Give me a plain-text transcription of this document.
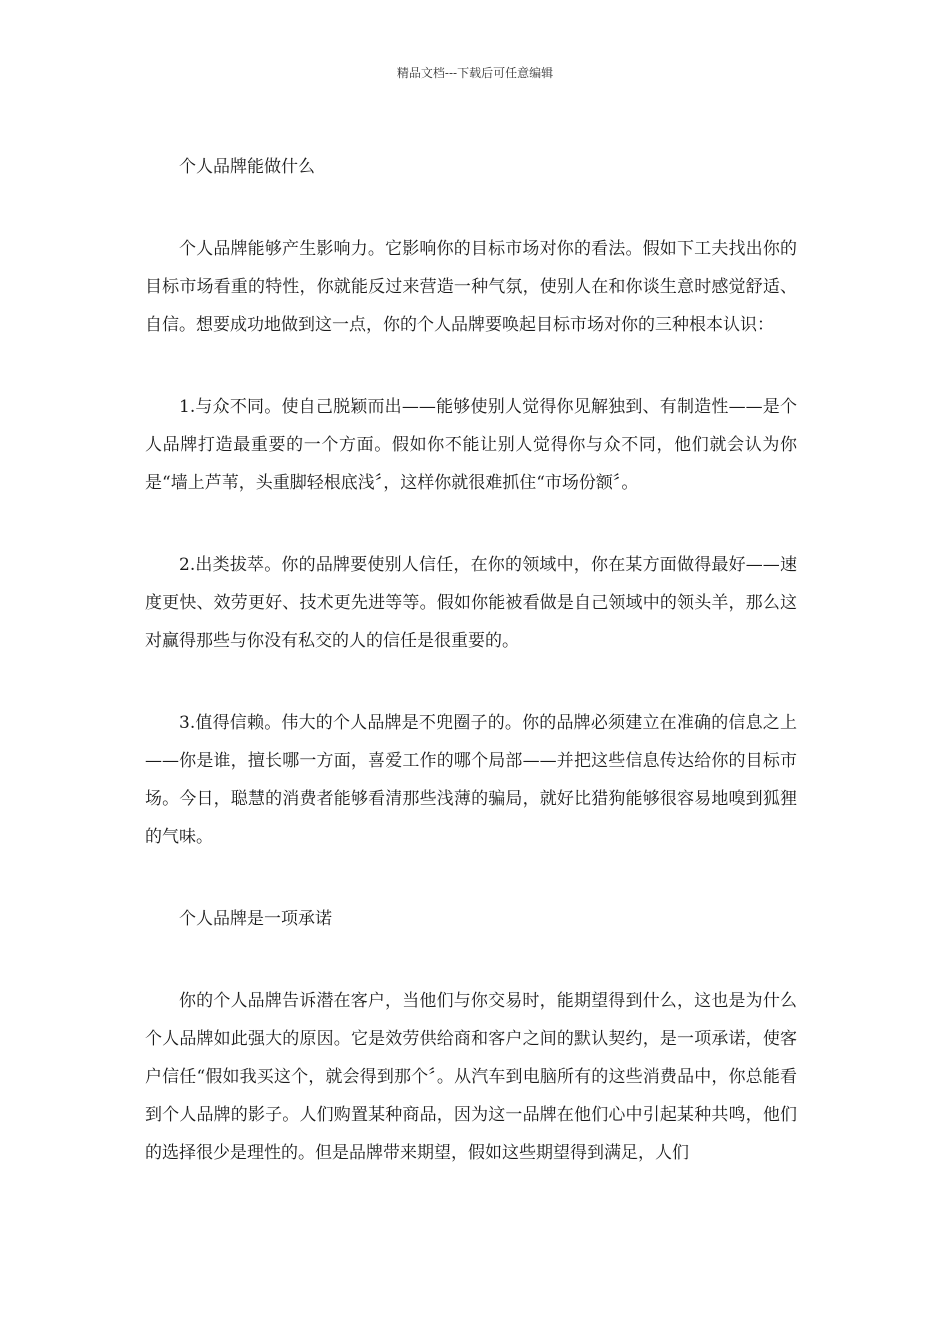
精品文档---下载后可任意编辑

个人品牌能做什么

个人品牌能够产生影响力。它影响你的目标市场对你的看法。假如下工夫找出你的目标市场看重的特性，你就能反过来营造一种气氛，使别人在和你谈生意时感觉舒适、自信。想要成功地做到这一点，你的个人品牌要唤起目标市场对你的三种根本认识：

1.与众不同。使自己脱颖而出——能够使别人觉得你见解独到、有制造性——是个人品牌打造最重要的一个方面。假如你不能让别人觉得你与众不同，他们就会认为你是“墙上芦苇，头重脚轻根底浅〞，这样你就很难抓住“市场份额〞。

2.出类拔萃。你的品牌要使别人信任，在你的领域中，你在某方面做得最好——速度更快、效劳更好、技术更先进等等。假如你能被看做是自己领域中的领头羊，那么这对赢得那些与你没有私交的人的信任是很重要的。

3.值得信赖。伟大的个人品牌是不兜圈子的。你的品牌必须建立在准确的信息之上——你是谁，擅长哪一方面，喜爱工作的哪个局部——并把这些信息传达给你的目标市场。今日，聪慧的消费者能够看清那些浅薄的骗局，就好比猎狗能够很容易地嗅到狐狸的气味。

个人品牌是一项承诺

你的个人品牌告诉潜在客户，当他们与你交易时，能期望得到什么，这也是为什么个人品牌如此强大的原因。它是效劳供给商和客户之间的默认契约，是一项承诺，使客户信任“假如我买这个，就会得到那个〞。从汽车到电脑所有的这些消费品中，你总能看到个人品牌的影子。人们购置某种商品，因为这一品牌在他们心中引起某种共鸣，他们的选择很少是理性的。但是品牌带来期望，假如这些期望得到满足，人们
